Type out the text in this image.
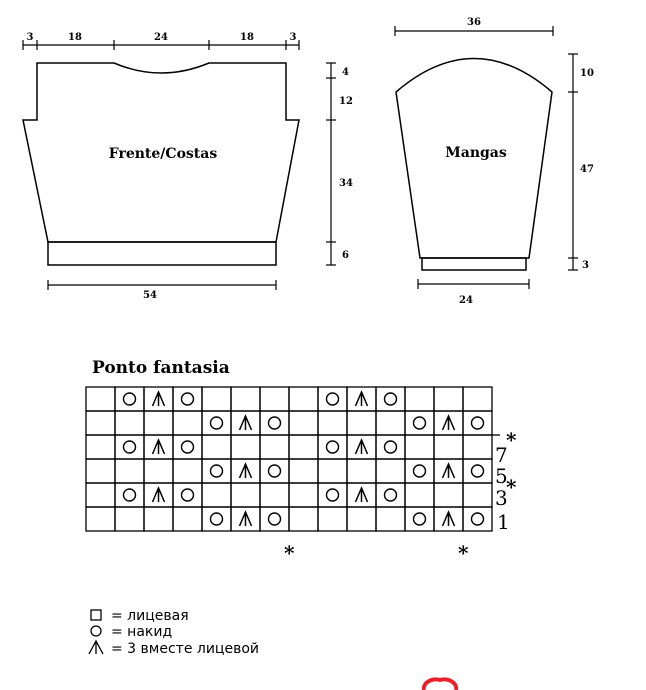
3	18	24	18	3
Frente/Costas
4
12
34
6
54
36
Mangas
10
47
3
24
Ponto fantasia
7
*
5
3
*
1
*	*
= лицевая
= накид
= 3 вместе лицевой
